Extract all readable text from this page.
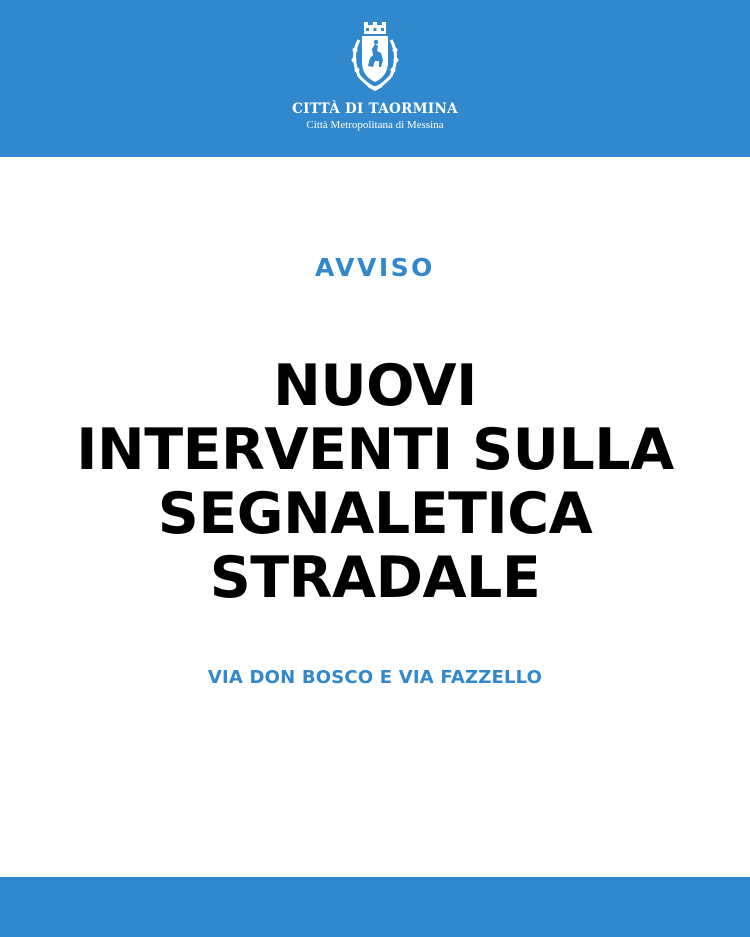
CITTÀ DI TAORMINA
Città Metropolitana di Messina
AVVISO
NUOVI
INTERVENTI SULLA
SEGNALETICA
STRADALE
VIA DON BOSCO E VIA FAZZELLO
